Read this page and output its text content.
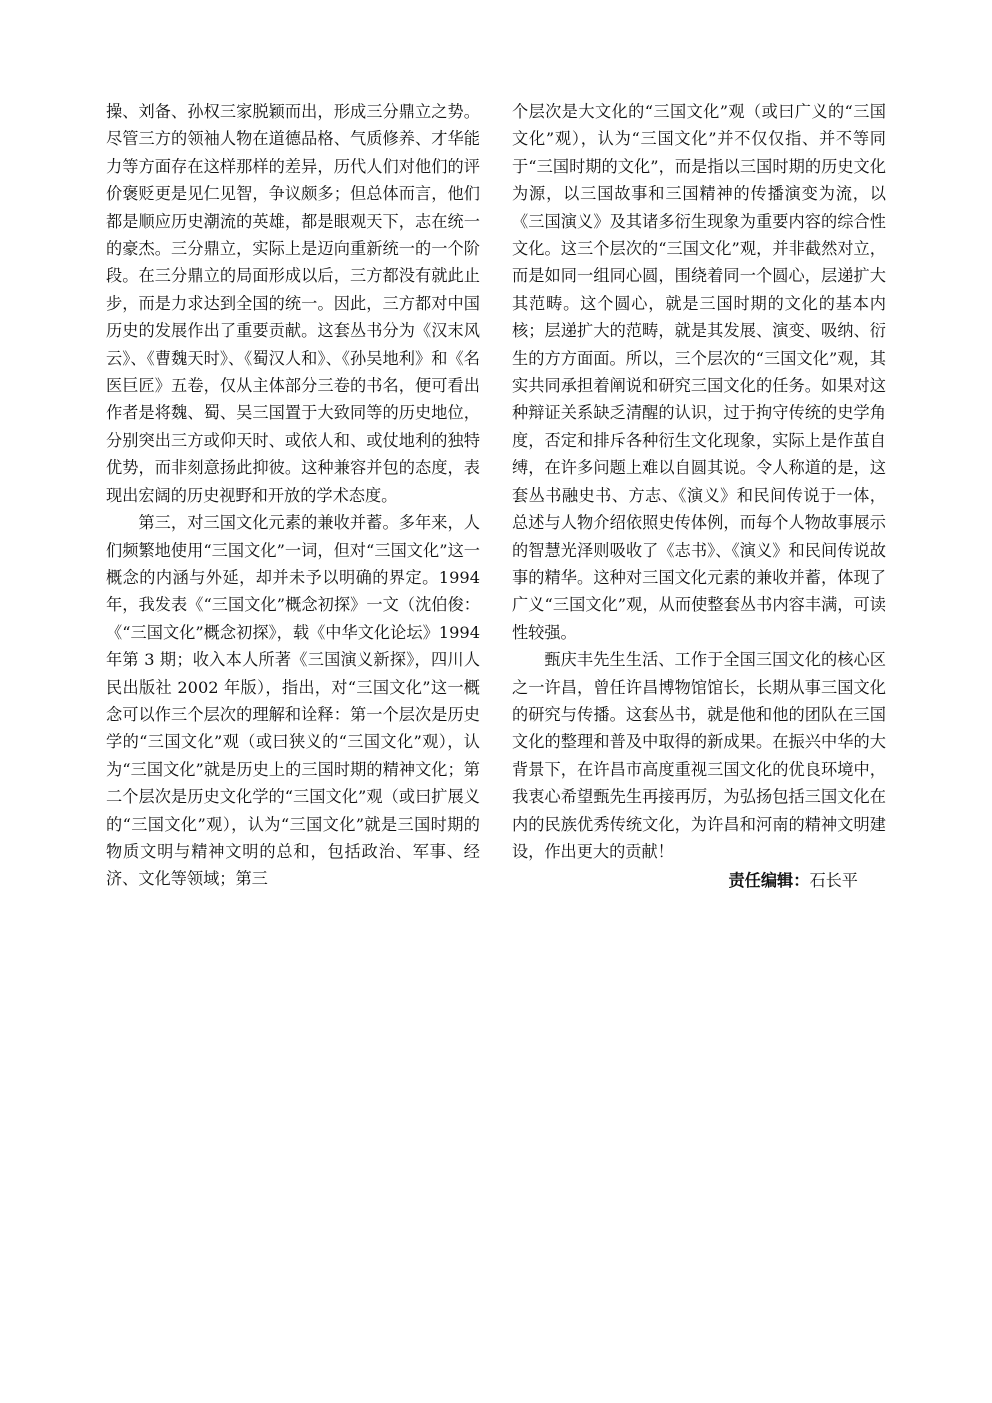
操、刘备、孙权三家脱颖而出，形成三分鼎立之势。尽管三方的领袖人物在道德品格、气质修养、才华能力等方面存在这样那样的差异，历代人们对他们的评价褒贬更是见仁见智，争议颇多；但总体而言，他们都是顺应历史潮流的英雄，都是眼观天下，志在统一的豪杰。三分鼎立，实际上是迈向重新统一的一个阶段。在三分鼎立的局面形成以后，三方都没有就此止步，而是力求达到全国的统一。因此，三方都对中国历史的发展作出了重要贡献。这套丛书分为《汉末风云》、《曹魏天时》、《蜀汉人和》、《孙吴地利》和《名医巨匠》五卷，仅从主体部分三卷的书名，便可看出作者是将魏、蜀、吴三国置于大致同等的历史地位，分别突出三方或仰天时、或依人和、或仗地利的独特优势，而非刻意扬此抑彼。这种兼容并包的态度，表现出宏阔的历史视野和开放的学术态度。

第三，对三国文化元素的兼收并蓄。多年来，人们频繁地使用“三国文化”一词，但对“三国文化”这一概念的内涵与外延，却并未予以明确的界定。1994 年，我发表《“三国文化”概念初探》一文（沈伯俊：《“三国文化”概念初探》，载《中华文化论坛》1994 年第 3 期；收入本人所著《三国演义新探》，四川人民出版社 2002 年版），指出，对“三国文化”这一概念可以作三个层次的理解和诠释：第一个层次是历史学的“三国文化”观（或曰狭义的“三国文化”观），认为“三国文化”就是历史上的三国时期的精神文化；第二个层次是历史文化学的“三国文化”观（或曰扩展义的“三国文化”观），认为“三国文化”就是三国时期的物质文明与精神文明的总和，包括政治、军事、经济、文化等领域；第三

个层次是大文化的“三国文化”观（或曰广义的“三国文化”观），认为“三国文化”并不仅仅指、并不等同于“三国时期的文化”，而是指以三国时期的历史文化为源，以三国故事和三国精神的传播演变为流，以《三国演义》及其诸多衍生现象为重要内容的综合性文化。这三个层次的“三国文化”观，并非截然对立，而是如同一组同心圆，围绕着同一个圆心，层递扩大其范畴。这个圆心，就是三国时期的文化的基本内核；层递扩大的范畴，就是其发展、演变、吸纳、衍生的方方面面。所以，三个层次的“三国文化”观，其实共同承担着阐说和研究三国文化的任务。如果对这种辩证关系缺乏清醒的认识，过于拘守传统的史学角度，否定和排斥各种衍生文化现象，实际上是作茧自缚，在许多问题上难以自圆其说。令人称道的是，这套丛书融史书、方志、《演义》和民间传说于一体，总述与人物介绍依照史传体例，而每个人物故事展示的智慧光泽则吸收了《志书》、《演义》和民间传说故事的精华。这种对三国文化元素的兼收并蓄，体现了广义“三国文化”观，从而使整套丛书内容丰满，可读性较强。

甄庆丰先生生活、工作于全国三国文化的核心区之一许昌，曾任许昌博物馆馆长，长期从事三国文化的研究与传播。这套丛书，就是他和他的团队在三国文化的整理和普及中取得的新成果。在振兴中华的大背景下，在许昌市高度重视三国文化的优良环境中，我衷心希望甄先生再接再厉，为弘扬包括三国文化在内的民族优秀传统文化，为许昌和河南的精神文明建设，作出更大的贡献！

责任编辑：石长平
